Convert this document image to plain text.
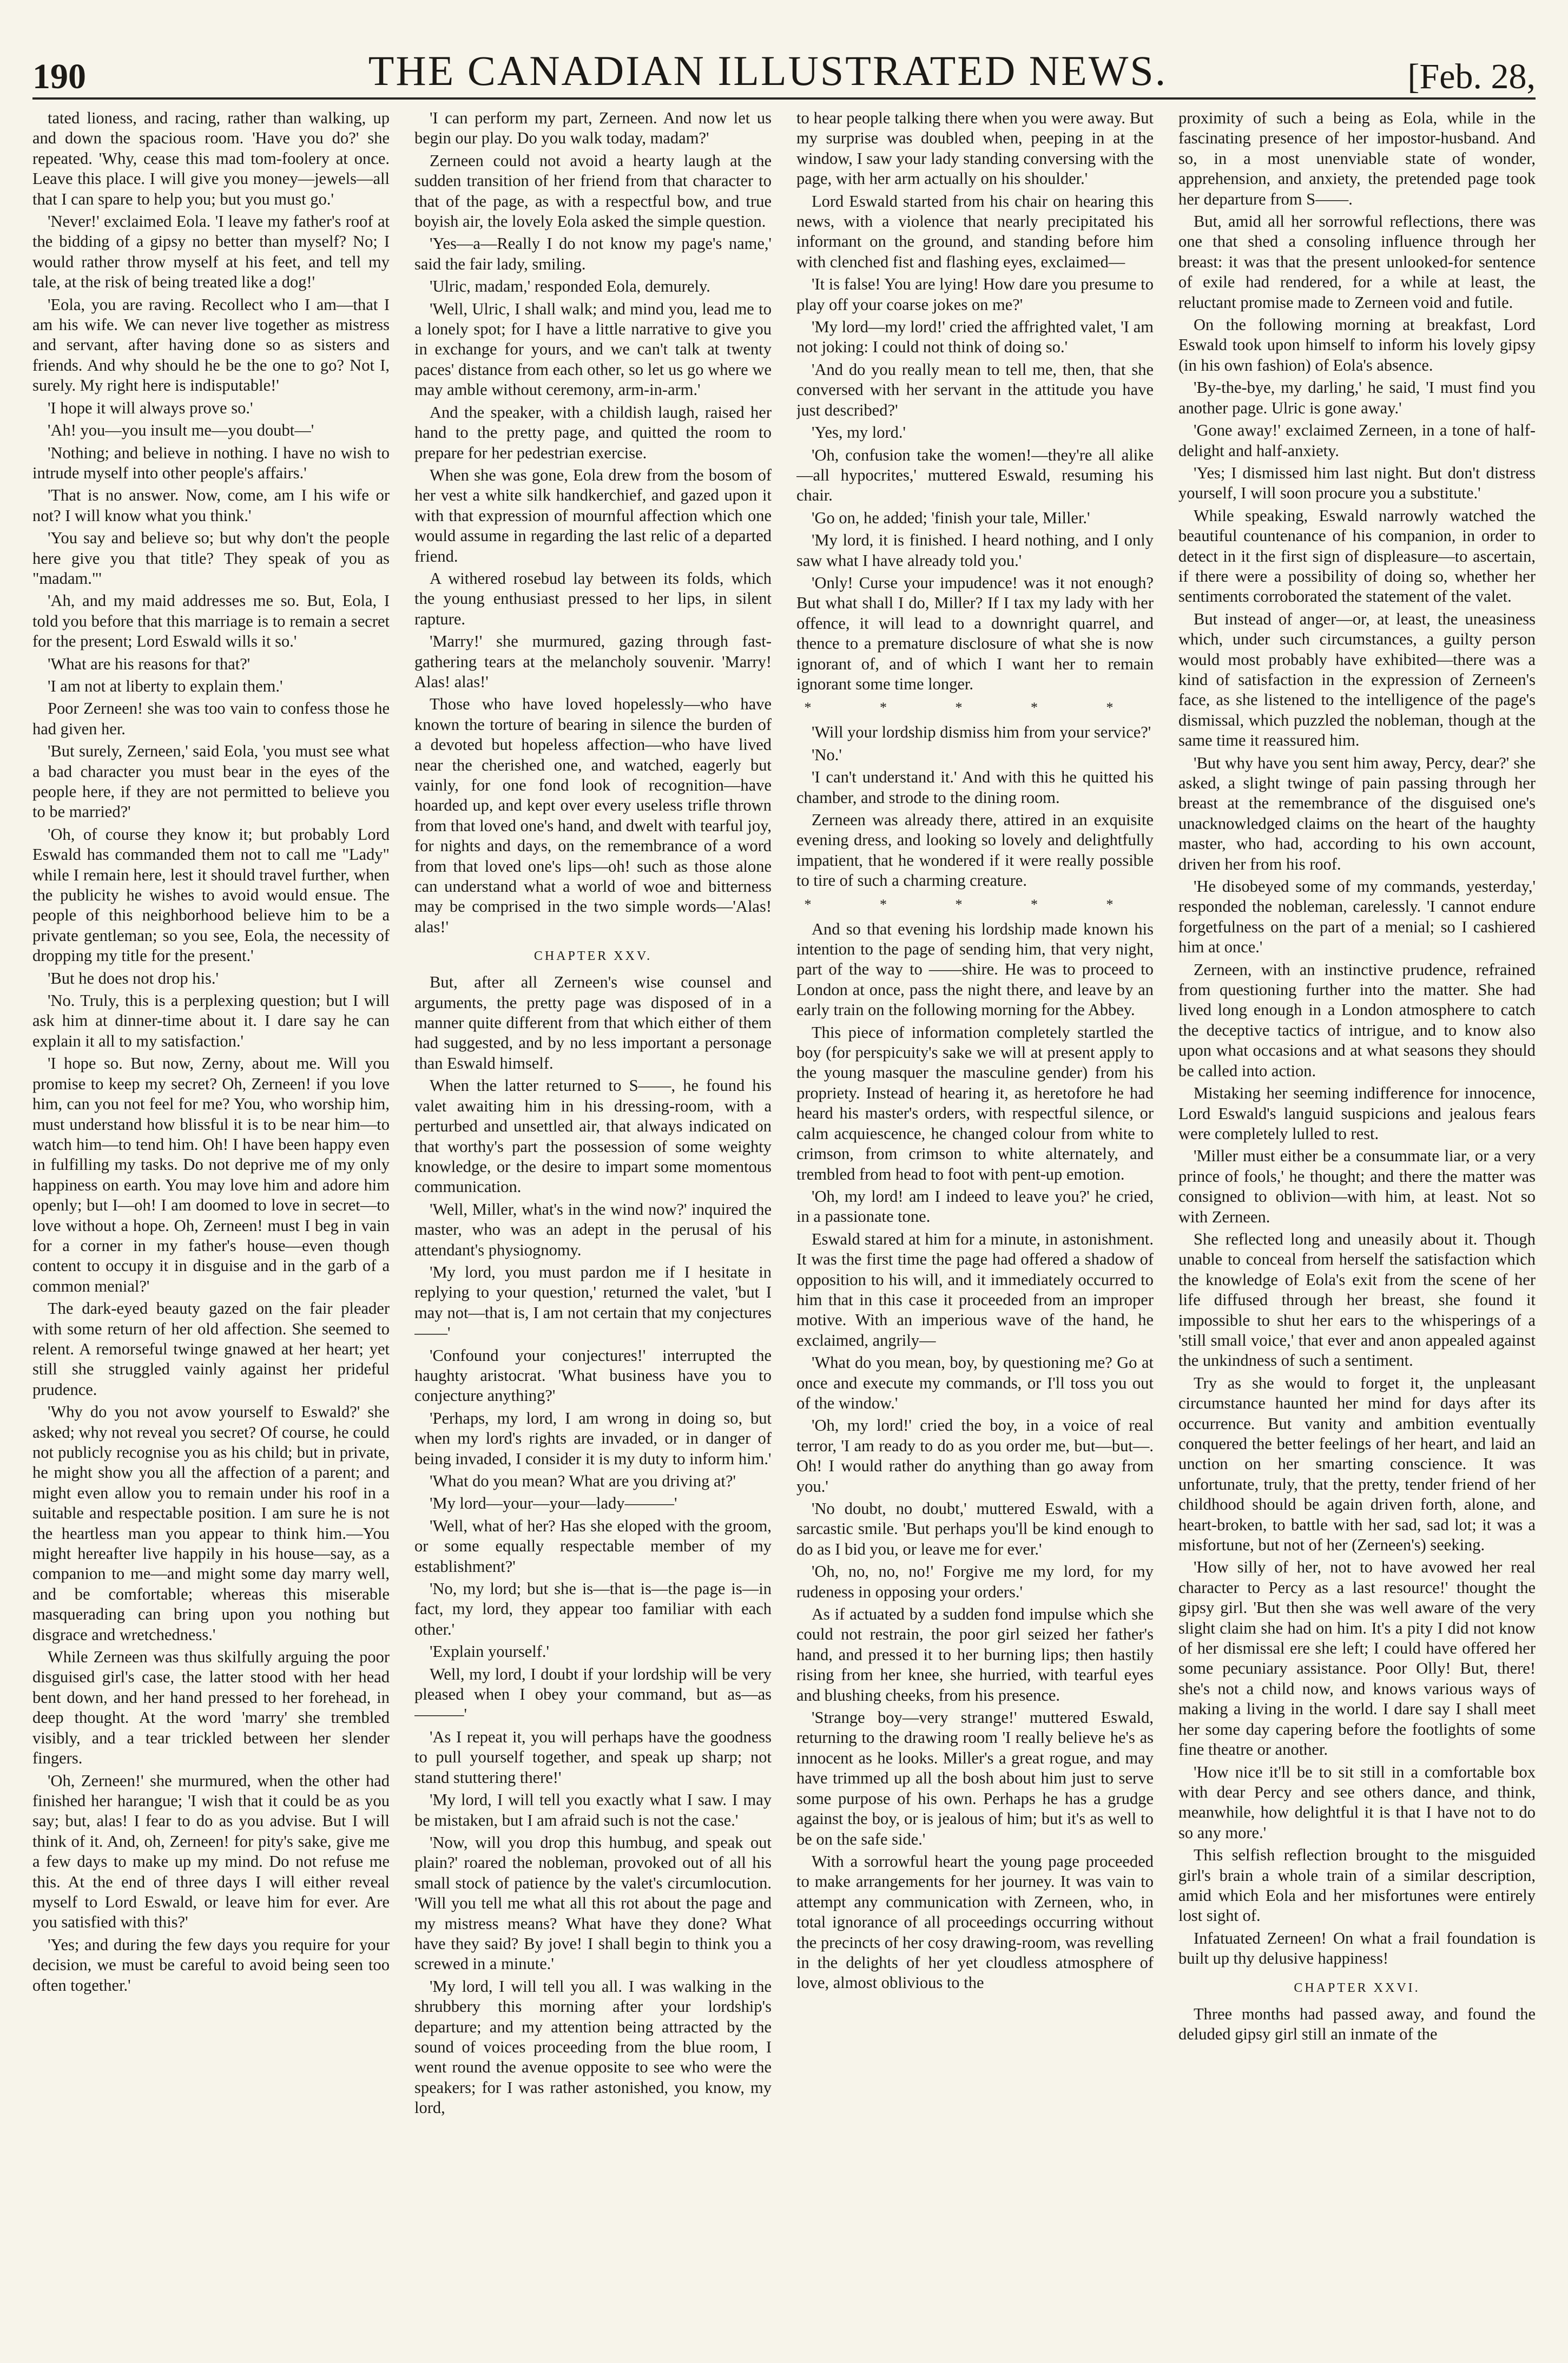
190	THE CANADIAN ILLUSTRATED NEWS.	[Feb. 28,

tated lioness, and racing, rather than walking, up and down the spacious room. 'Have you do?' she repeated. 'Why, cease this mad tom-foolery at once. Leave this place. I will give you money—jewels—all that I can spare to help you; but you must go.'

'Never!' exclaimed Eola. 'I leave my father's roof at the bidding of a gipsy no better than myself? No; I would rather throw myself at his feet, and tell my tale, at the risk of being treated like a dog!'

'Eola, you are raving. Recollect who I am—that I am his wife. We can never live together as mistress and servant, after having done so as sisters and friends. And why should he be the one to go? Not I, surely. My right here is indisputable!'

'I hope it will always prove so.'

'Ah! you—you insult me—you doubt—'

'Nothing; and believe in nothing. I have no wish to intrude myself into other people's affairs.'

'That is no answer. Now, come, am I his wife or not? I will know what you think.'

'You say and believe so; but why don't the people here give you that title? They speak of you as "madam."'

'Ah, and my maid addresses me so. But, Eola, I told you before that this marriage is to remain a secret for the present; Lord Eswald wills it so.'

'What are his reasons for that?'

'I am not at liberty to explain them.'

Poor Zerneen! she was too vain to confess those he had given her.

'But surely, Zerneen,' said Eola, 'you must see what a bad character you must bear in the eyes of the people here, if they are not permitted to believe you to be married?'

'Oh, of course they know it; but probably Lord Eswald has commanded them not to call me "Lady" while I remain here, lest it should travel further, when the publicity he wishes to avoid would ensue. The people of this neighborhood believe him to be a private gentleman; so you see, Eola, the necessity of dropping my title for the present.'

'But he does not drop his.'

'No. Truly, this is a perplexing question; but I will ask him at dinner-time about it. I dare say he can explain it all to my satisfaction.'

'I hope so. But now, Zerny, about me. Will you promise to keep my secret? Oh, Zerneen! if you love him, can you not feel for me? You, who worship him, must understand how blissful it is to be near him—to watch him—to tend him. Oh! I have been happy even in fulfilling my tasks. Do not deprive me of my only happiness on earth. You may love him and adore him openly; but I—oh! I am doomed to love in secret—to love without a hope. Oh, Zerneen! must I beg in vain for a corner in my father's house—even though content to occupy it in disguise and in the garb of a common menial?'

The dark-eyed beauty gazed on the fair pleader with some return of her old affection. She seemed to relent. A remorseful twinge gnawed at her heart; yet still she struggled vainly against her prideful prudence.

'Why do you not avow yourself to Eswald?' she asked; why not reveal you secret? Of course, he could not publicly recognise you as his child; but in private, he might show you all the affection of a parent; and might even allow you to remain under his roof in a suitable and respectable position. I am sure he is not the heartless man you appear to think him.—You might hereafter live happily in his house—say, as a companion to me—and might some day marry well, and be comfortable; whereas this miserable masquerading can bring upon you nothing but disgrace and wretchedness.'

While Zerneen was thus skilfully arguing the poor disguised girl's case, the latter stood with her head bent down, and her hand pressed to her forehead, in deep thought. At the word 'marry' she trembled visibly, and a tear trickled between her slender fingers.

'Oh, Zerneen!' she murmured, when the other had finished her harangue; 'I wish that it could be as you say; but, alas! I fear to do as you advise. But I will think of it. And, oh, Zerneen! for pity's sake, give me a few days to make up my mind. Do not refuse me this. At the end of three days I will either reveal myself to Lord Eswald, or leave him for ever. Are you satisfied with this?'

'Yes; and during the few days you require for your decision, we must be careful to avoid being seen too often together.'

'I can perform my part, Zerneen. And now let us begin our play. Do you walk today, madam?'

Zerneen could not avoid a hearty laugh at the sudden transition of her friend from that character to that of the page, as with a respectful bow, and true boyish air, the lovely Eola asked the simple question.

'Yes—a—Really I do not know my page's name,' said the fair lady, smiling.

'Ulric, madam,' responded Eola, demurely.

'Well, Ulric, I shall walk; and mind you, lead me to a lonely spot; for I have a little narrative to give you in exchange for yours, and we can't talk at twenty paces' distance from each other, so let us go where we may amble without ceremony, arm-in-arm.'

And the speaker, with a childish laugh, raised her hand to the pretty page, and quitted the room to prepare for her pedestrian exercise.

When she was gone, Eola drew from the bosom of her vest a white silk handkerchief, and gazed upon it with that expression of mournful affection which one would assume in regarding the last relic of a departed friend.

A withered rosebud lay between its folds, which the young enthusiast pressed to her lips, in silent rapture.

'Marry!' she murmured, gazing through fast-gathering tears at the melancholy souvenir. 'Marry! Alas! alas!'

Those who have loved hopelessly—who have known the torture of bearing in silence the burden of a devoted but hopeless affection—who have lived near the cherished one, and watched, eagerly but vainly, for one fond look of recognition—have hoarded up, and kept over every useless trifle thrown from that loved one's hand, and dwelt with tearful joy, for nights and days, on the remembrance of a word from that loved one's lips—oh! such as those alone can understand what a world of woe and bitterness may be comprised in the two simple words—'Alas! alas!'

CHAPTER XXV.

But, after all Zerneen's wise counsel and arguments, the pretty page was disposed of in a manner quite different from that which either of them had suggested, and by no less important a personage than Eswald himself.

When the latter returned to S——, he found his valet awaiting him in his dressing-room, with a perturbed and unsettled air, that always indicated on that worthy's part the possession of some weighty knowledge, or the desire to impart some momentous communication.

'Well, Miller, what's in the wind now?' inquired the master, who was an adept in the perusal of his attendant's physiognomy.

'My lord, you must pardon me if I hesitate in replying to your question,' returned the valet, 'but I may not—that is, I am not certain that my conjectures——'

'Confound your conjectures!' interrupted the haughty aristocrat. 'What business have you to conjecture anything?'

'Perhaps, my lord, I am wrong in doing so, but when my lord's rights are invaded, or in danger of being invaded, I consider it is my duty to inform him.'

'What do you mean? What are you driving at?'

'My lord—your—your—lady———'

'Well, what of her? Has she eloped with the groom, or some equally respectable member of my establishment?'

'No, my lord; but she is—that is—the page is—in fact, my lord, they appear too familiar with each other.'

'Explain yourself.'

Well, my lord, I doubt if your lordship will be very pleased when I obey your command, but as—as———'

'As I repeat it, you will perhaps have the goodness to pull yourself together, and speak up sharp; not stand stuttering there!'

'My lord, I will tell you exactly what I saw. I may be mistaken, but I am afraid such is not the case.'

'Now, will you drop this humbug, and speak out plain?' roared the nobleman, provoked out of all his small stock of patience by the valet's circumlocution. 'Will you tell me what all this rot about the page and my mistress means? What have they done? What have they said? By jove! I shall begin to think you a screwed in a minute.'

'My lord, I will tell you all. I was walking in the shrubbery this morning after your lordship's departure; and my attention being attracted by the sound of voices proceeding from the blue room, I went round the avenue opposite to see who were the speakers; for I was rather astonished, you know, my lord,

to hear people talking there when you were away. But my surprise was doubled when, peeping in at the window, I saw your lady standing conversing with the page, with her arm actually on his shoulder.'

Lord Eswald started from his chair on hearing this news, with a violence that nearly precipitated his informant on the ground, and standing before him with clenched fist and flashing eyes, exclaimed—

'It is false! You are lying! How dare you presume to play off your coarse jokes on me?'

'My lord—my lord!' cried the affrighted valet, 'I am not joking: I could not think of doing so.'

'And do you really mean to tell me, then, that she conversed with her servant in the attitude you have just described?'

'Yes, my lord.'

'Oh, confusion take the women!—they're all alike—all hypocrites,' muttered Eswald, resuming his chair.

'Go on, he added; 'finish your tale, Miller.'

'My lord, it is finished. I heard nothing, and I only saw what I have already told you.'

'Only! Curse your impudence! was it not enough? But what shall I do, Miller? If I tax my lady with her offence, it will lead to a downright quarrel, and thence to a premature disclosure of what she is now ignorant of, and of which I want her to remain ignorant some time longer.

* * * * *

'Will your lordship dismiss him from your service?'

'No.'

'I can't understand it.' And with this he quitted his chamber, and strode to the dining room.

Zerneen was already there, attired in an exquisite evening dress, and looking so lovely and delightfully impatient, that he wondered if it were really possible to tire of such a charming creature.

* * * * *

And so that evening his lordship made known his intention to the page of sending him, that very night, part of the way to ——shire. He was to proceed to London at once, pass the night there, and leave by an early train on the following morning for the Abbey.

This piece of information completely startled the boy (for perspicuity's sake we will at present apply to the young masquer the masculine gender) from his propriety. Instead of hearing it, as heretofore he had heard his master's orders, with respectful silence, or calm acquiescence, he changed colour from white to crimson, from crimson to white alternately, and trembled from head to foot with pent-up emotion.

'Oh, my lord! am I indeed to leave you?' he cried, in a passionate tone.

Eswald stared at him for a minute, in astonishment. It was the first time the page had offered a shadow of opposition to his will, and it immediately occurred to him that in this case it proceeded from an improper motive. With an imperious wave of the hand, he exclaimed, angrily—

'What do you mean, boy, by questioning me? Go at once and execute my commands, or I'll toss you out of the window.'

'Oh, my lord!' cried the boy, in a voice of real terror, 'I am ready to do as you order me, but—but—. Oh! I would rather do anything than go away from you.'

'No doubt, no doubt,' muttered Eswald, with a sarcastic smile. 'But perhaps you'll be kind enough to do as I bid you, or leave me for ever.'

'Oh, no, no, no!' Forgive me my lord, for my rudeness in opposing your orders.'

As if actuated by a sudden fond impulse which she could not restrain, the poor girl seized her father's hand, and pressed it to her burning lips; then hastily rising from her knee, she hurried, with tearful eyes and blushing cheeks, from his presence.

'Strange boy—very strange!' muttered Eswald, returning to the drawing room 'I really believe he's as innocent as he looks. Miller's a great rogue, and may have trimmed up all the bosh about him just to serve some purpose of his own. Perhaps he has a grudge against the boy, or is jealous of him; but it's as well to be on the safe side.'

With a sorrowful heart the young page proceeded to make arrangements for her journey. It was vain to attempt any communication with Zerneen, who, in total ignorance of all proceedings occurring without the precincts of her cosy drawing-room, was revelling in the delights of her yet cloudless atmosphere of love, almost oblivious to the

proximity of such a being as Eola, while in the fascinating presence of her impostor-husband. And so, in a most unenviable state of wonder, apprehension, and anxiety, the pretended page took her departure from S——.

But, amid all her sorrowful reflections, there was one that shed a consoling influence through her breast: it was that the present unlooked-for sentence of exile had rendered, for a while at least, the reluctant promise made to Zerneen void and futile.

On the following morning at breakfast, Lord Eswald took upon himself to inform his lovely gipsy (in his own fashion) of Eola's absence.

'By-the-bye, my darling,' he said, 'I must find you another page. Ulric is gone away.'

'Gone away!' exclaimed Zerneen, in a tone of half-delight and half-anxiety.

'Yes; I dismissed him last night. But don't distress yourself, I will soon procure you a substitute.'

While speaking, Eswald narrowly watched the beautiful countenance of his companion, in order to detect in it the first sign of displeasure—to ascertain, if there were a possibility of doing so, whether her sentiments corroborated the statement of the valet.

But instead of anger—or, at least, the uneasiness which, under such circumstances, a guilty person would most probably have exhibited—there was a kind of satisfaction in the expression of Zerneen's face, as she listened to the intelligence of the page's dismissal, which puzzled the nobleman, though at the same time it reassured him.

'But why have you sent him away, Percy, dear?' she asked, a slight twinge of pain passing through her breast at the remembrance of the disguised one's unacknowledged claims on the heart of the haughty master, who had, according to his own account, driven her from his roof.

'He disobeyed some of my commands, yesterday,' responded the nobleman, carelessly. 'I cannot endure forgetfulness on the part of a menial; so I cashiered him at once.'

Zerneen, with an instinctive prudence, refrained from questioning further into the matter. She had lived long enough in a London atmosphere to catch the deceptive tactics of intrigue, and to know also upon what occasions and at what seasons they should be called into action.

Mistaking her seeming indifference for innocence, Lord Eswald's languid suspicions and jealous fears were completely lulled to rest.

'Miller must either be a consummate liar, or a very prince of fools,' he thought; and there the matter was consigned to oblivion—with him, at least. Not so with Zerneen.

She reflected long and uneasily about it. Though unable to conceal from herself the satisfaction which the knowledge of Eola's exit from the scene of her life diffused through her breast, she found it impossible to shut her ears to the whisperings of a 'still small voice,' that ever and anon appealed against the unkindness of such a sentiment.

Try as she would to forget it, the unpleasant circumstance haunted her mind for days after its occurrence. But vanity and ambition eventually conquered the better feelings of her heart, and laid an unction on her smarting conscience. It was unfortunate, truly, that the pretty, tender friend of her childhood should be again driven forth, alone, and heart-broken, to battle with her sad, sad lot; it was a misfortune, but not of her (Zerneen's) seeking.

'How silly of her, not to have avowed her real character to Percy as a last resource!' thought the gipsy girl. 'But then she was well aware of the very slight claim she had on him. It's a pity I did not know of her dismissal ere she left; I could have offered her some pecuniary assistance. Poor Olly! But, there! she's not a child now, and knows various ways of making a living in the world. I dare say I shall meet her some day capering before the footlights of some fine theatre or another.

'How nice it'll be to sit still in a comfortable box with dear Percy and see others dance, and think, meanwhile, how delightful it is that I have not to do so any more.'

This selfish reflection brought to the misguided girl's brain a whole train of a similar description, amid which Eola and her misfortunes were entirely lost sight of.

Infatuated Zerneen! On what a frail foundation is built up thy delusive happiness!

CHAPTER XXVI.

Three months had passed away, and found the deluded gipsy girl still an inmate of the
